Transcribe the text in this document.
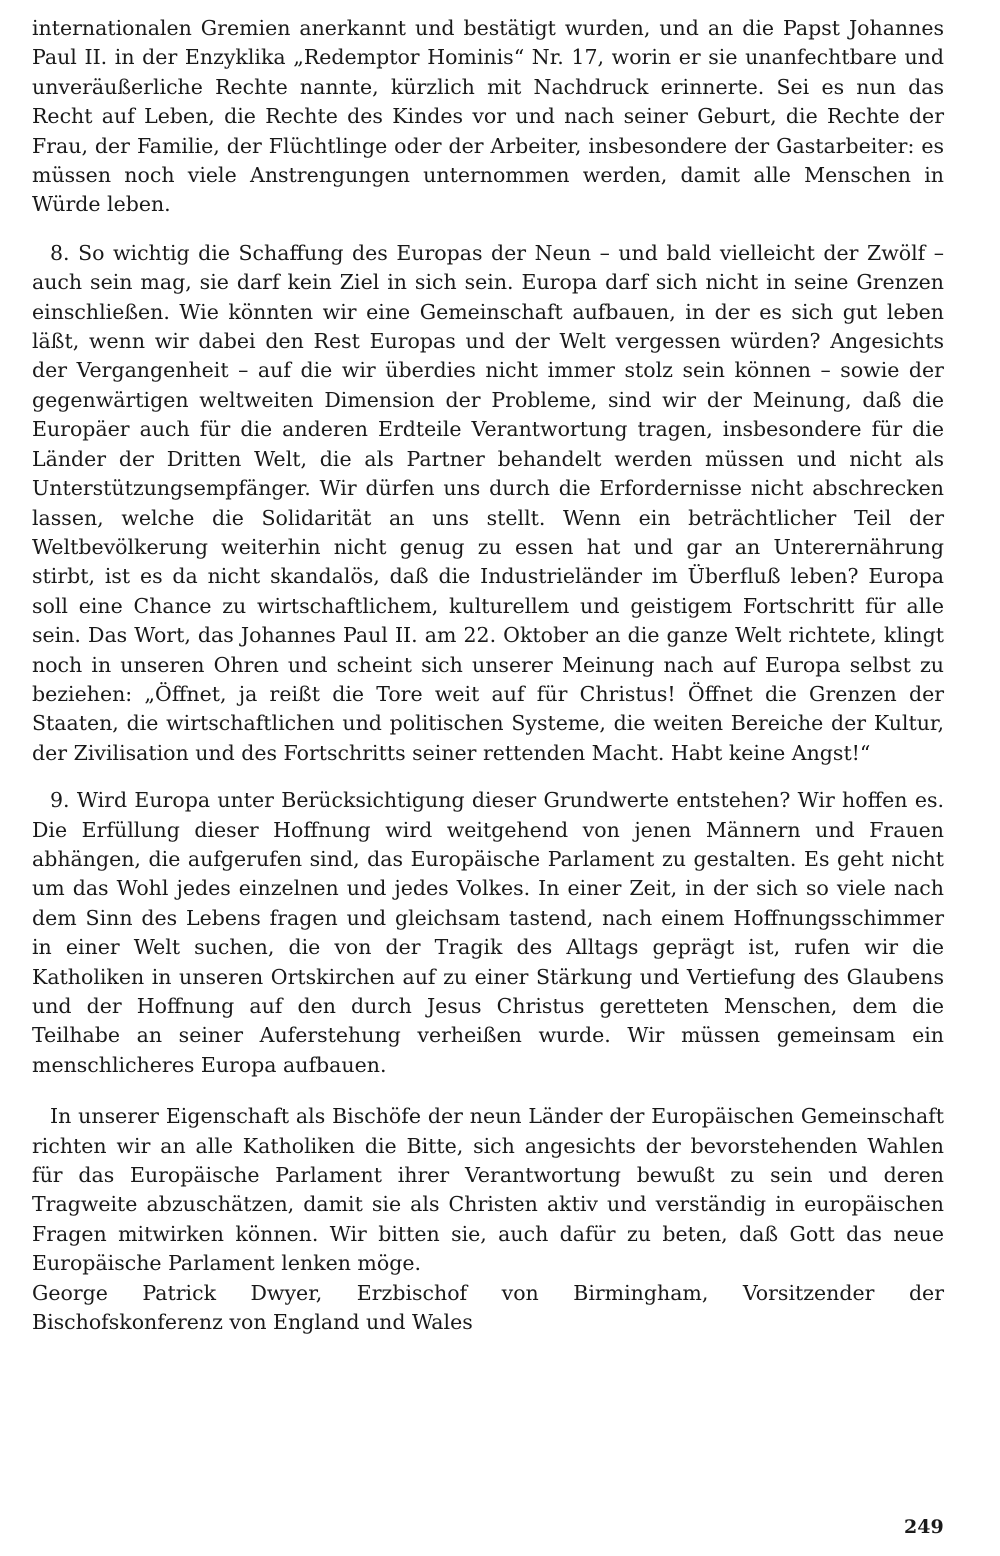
internationalen Gremien anerkannt und bestätigt wurden, und an die Papst Johannes Paul II. in der Enzyklika „Redemptor Hominis“ Nr. 17, worin er sie unanfechtbare und unveräußerliche Rechte nannte, kürzlich mit Nachdruck erinnerte. Sei es nun das Recht auf Leben, die Rechte des Kindes vor und nach seiner Geburt, die Rechte der Frau, der Familie, der Flüchtlinge oder der Arbeiter, insbesondere der Gastarbeiter: es müssen noch viele Anstrengungen unternommen werden, damit alle Menschen in Würde leben.

8. So wichtig die Schaffung des Europas der Neun – und bald vielleicht der Zwölf – auch sein mag, sie darf kein Ziel in sich sein. Europa darf sich nicht in seine Grenzen einschließen. Wie könnten wir eine Gemeinschaft aufbauen, in der es sich gut leben läßt, wenn wir dabei den Rest Europas und der Welt vergessen würden? Angesichts der Vergangenheit – auf die wir überdies nicht immer stolz sein können – sowie der gegenwärtigen weltweiten Dimension der Probleme, sind wir der Meinung, daß die Europäer auch für die anderen Erdteile Verantwortung tragen, insbesondere für die Länder der Dritten Welt, die als Partner behandelt werden müssen und nicht als Unterstützungsempfänger. Wir dürfen uns durch die Erfordernisse nicht abschrecken lassen, welche die Solidarität an uns stellt. Wenn ein beträchtlicher Teil der Weltbevölkerung weiterhin nicht genug zu essen hat und gar an Unterernährung stirbt, ist es da nicht skandalös, daß die Industrieländer im Überfluß leben? Europa soll eine Chance zu wirtschaftlichem, kulturellem und geistigem Fortschritt für alle sein. Das Wort, das Johannes Paul II. am 22. Oktober an die ganze Welt richtete, klingt noch in unseren Ohren und scheint sich unserer Meinung nach auf Europa selbst zu beziehen: „Öffnet, ja reißt die Tore weit auf für Christus! Öffnet die Grenzen der Staaten, die wirtschaftlichen und politischen Systeme, die weiten Bereiche der Kultur, der Zivilisation und des Fortschritts seiner rettenden Macht. Habt keine Angst!“

9. Wird Europa unter Berücksichtigung dieser Grundwerte entstehen? Wir hoffen es. Die Erfüllung dieser Hoffnung wird weitgehend von jenen Männern und Frauen abhängen, die aufgerufen sind, das Europäische Parlament zu gestalten. Es geht nicht um das Wohl jedes einzelnen und jedes Volkes. In einer Zeit, in der sich so viele nach dem Sinn des Lebens fragen und gleichsam tastend, nach einem Hoffnungsschimmer in einer Welt suchen, die von der Tragik des Alltags geprägt ist, rufen wir die Katholiken in unseren Ortskirchen auf zu einer Stärkung und Vertiefung des Glaubens und der Hoffnung auf den durch Jesus Christus geretteten Menschen, dem die Teilhabe an seiner Auferstehung verheißen wurde. Wir müssen gemeinsam ein menschlicheres Europa aufbauen.

In unserer Eigenschaft als Bischöfe der neun Länder der Europäischen Gemeinschaft richten wir an alle Katholiken die Bitte, sich angesichts der bevorstehenden Wahlen für das Europäische Parlament ihrer Verantwortung bewußt zu sein und deren Tragweite abzuschätzen, damit sie als Christen aktiv und verständig in europäischen Fragen mitwirken können. Wir bitten sie, auch dafür zu beten, daß Gott das neue Europäische Parlament lenken möge.

George Patrick Dwyer, Erzbischof von Birmingham, Vorsitzender der Bischofskonferenz von England und Wales

249
